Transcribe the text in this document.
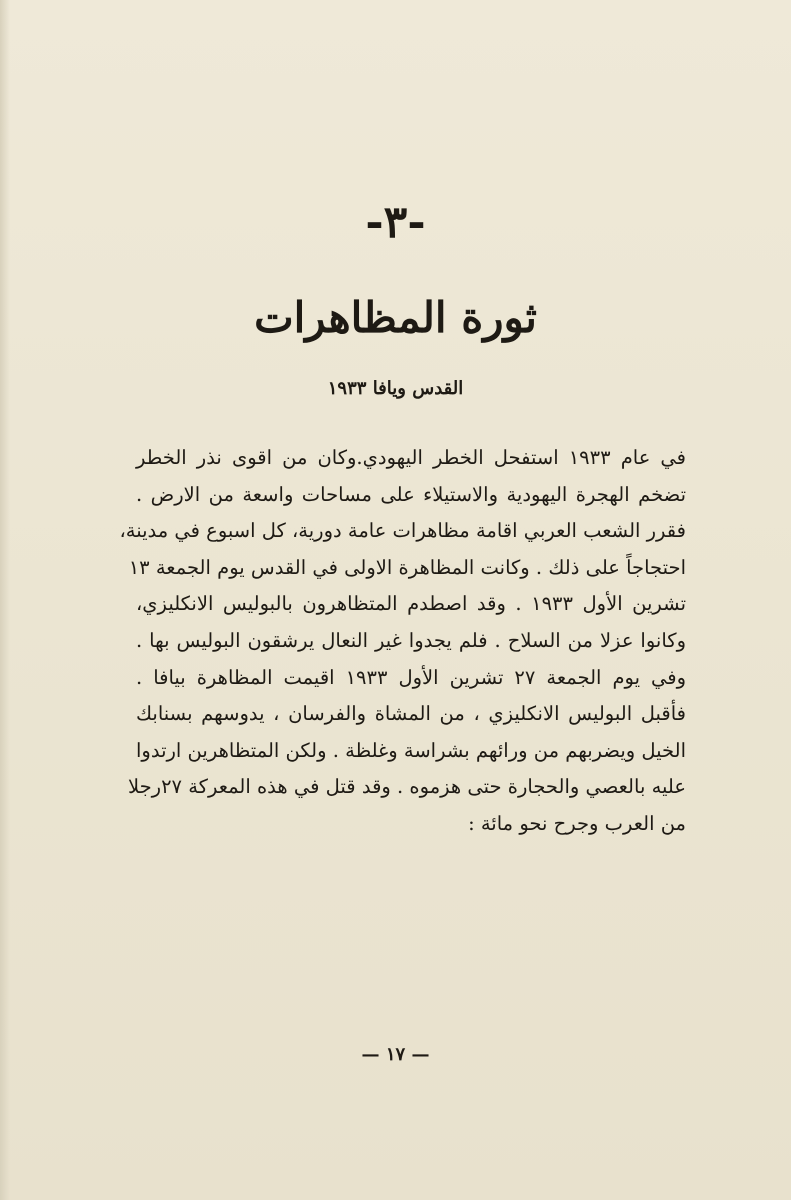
-٣-
ثورة المظاهرات
القدس ويافا ١٩٣٣
في عام ١٩٣٣ استفحل الخطر اليهودي.وكان من اقوى نذر الخطر
تضخم الهجرة اليهودية والاستيلاء على مساحات واسعة من الارض .
فقرر الشعب العربي اقامة مظاهرات عامة دورية، كل اسبوع في مدينة،
احتجاجاً على ذلك . وكانت المظاهرة الاولى في القدس يوم الجمعة ١٣
تشرين الأول ١٩٣٣ . وقد اصطدم المتظاهرون بالبوليس الانكليزي،
وكانوا عزلا من السلاح . فلم يجدوا غير النعال يرشقون البوليس بها .
وفي يوم الجمعة ٢٧ تشرين الأول ١٩٣٣ اقيمت المظاهرة بيافا .
فأقبل البوليس الانكليزي ، من المشاة والفرسان ، يدوسهم بسنابك
الخيل ويضربهم من ورائهم بشراسة وغلظة . ولكن المتظاهرين ارتدوا
عليه بالعصي والحجارة حتى هزموه . وقد قتل في هذه المعركة ٢٧رجلا
من العرب وجرح نحو مائة :
— ١٧ —
